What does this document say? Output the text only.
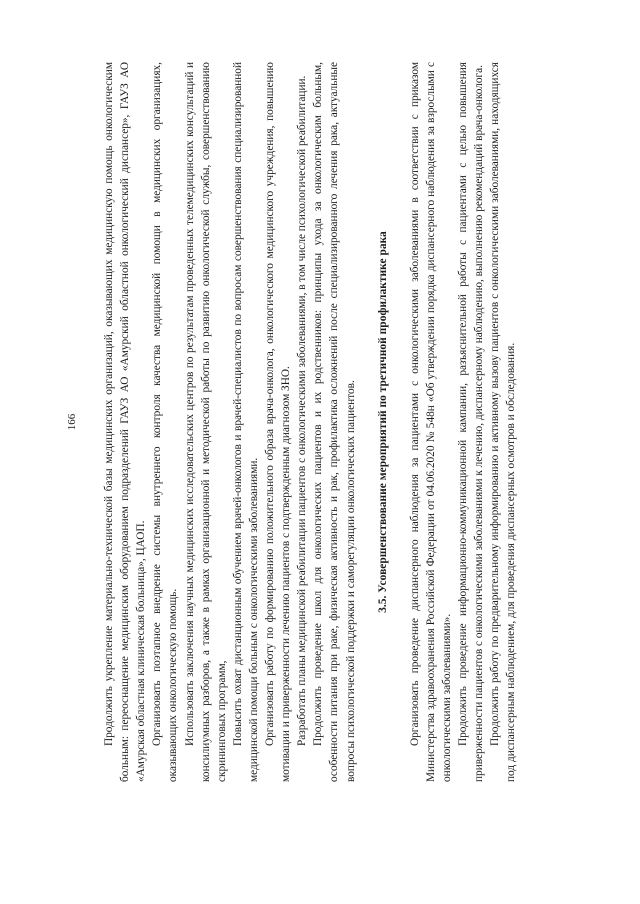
166 Продолжить укрепление материально-технической базы медицинских организаций, оказывающих медицинскую помощь онкологическим больным: переоснащение медицинским оборудованием подразделений ГАУЗ АО «Амурский областной онкологический диспансер», ГАУЗ АО «Амурская областная клиническая больница», ЦАОП. Организовать поэтапное внедрение системы внутреннего контроля качества медицинской помощи в медицинских организациях, оказывающих онкологическую помощь. Использовать заключения научных медицинских исследовательских центров по результатам проведенных телемедицинских консультаций и консилиумных разборов, а также в рамках организационной и методической работы по развитию онкологической службы, совершенствованию скрининговых программ, Повысить охват дистанционным обучением врачей-онкологов и врачей-специалистов по вопросам совершенствования специализированной медицинской помощи больным с онкологическими заболеваниями. Организовать работу по формированию положительного образа врача-онколога, онкологического медицинского учреждения, повышению мотивации и приверженности лечению пациентов с подтвержденным диагнозом ЗНО. Разработать планы медицинской реабилитации пациентов с онкологическими заболеваниями, в том числе психологической реабилитации. Продолжить проведение школ для онкологических пациентов и их родственников: принципы ухода за онкологическим больным, особенности питания при раке, физическая активность и рак, профилактика осложнений после специализированного лечения рака, актуальные вопросы психологической поддержки и саморегуляции онкологических пациентов. 3.5. Усовершенствование мероприятий по третичной профилактике рака Организовать проведение диспансерного наблюдения за пациентами с онкологическими заболеваниями в соответствии с приказом Министерства здравоохранения Российской Федерации от 04.06.2020 № 548н «Об утверждении порядка диспансерного наблюдения за взрослыми с онкологическими заболеваниями». Продолжить проведение информационно-коммуникационной кампании, разъяснительной работы с пациентами с целью повышения приверженности пациентов с онкологическими заболеваниями к лечению, диспансерному наблюдению, выполнению рекомендаций врача-онколога. Продолжить работу по предварительному информированию и активному вызову пациентов с онкологическими заболеваниями, находящихся под диспансерным наблюдением, для проведения диспансерных осмотров и обследования.
